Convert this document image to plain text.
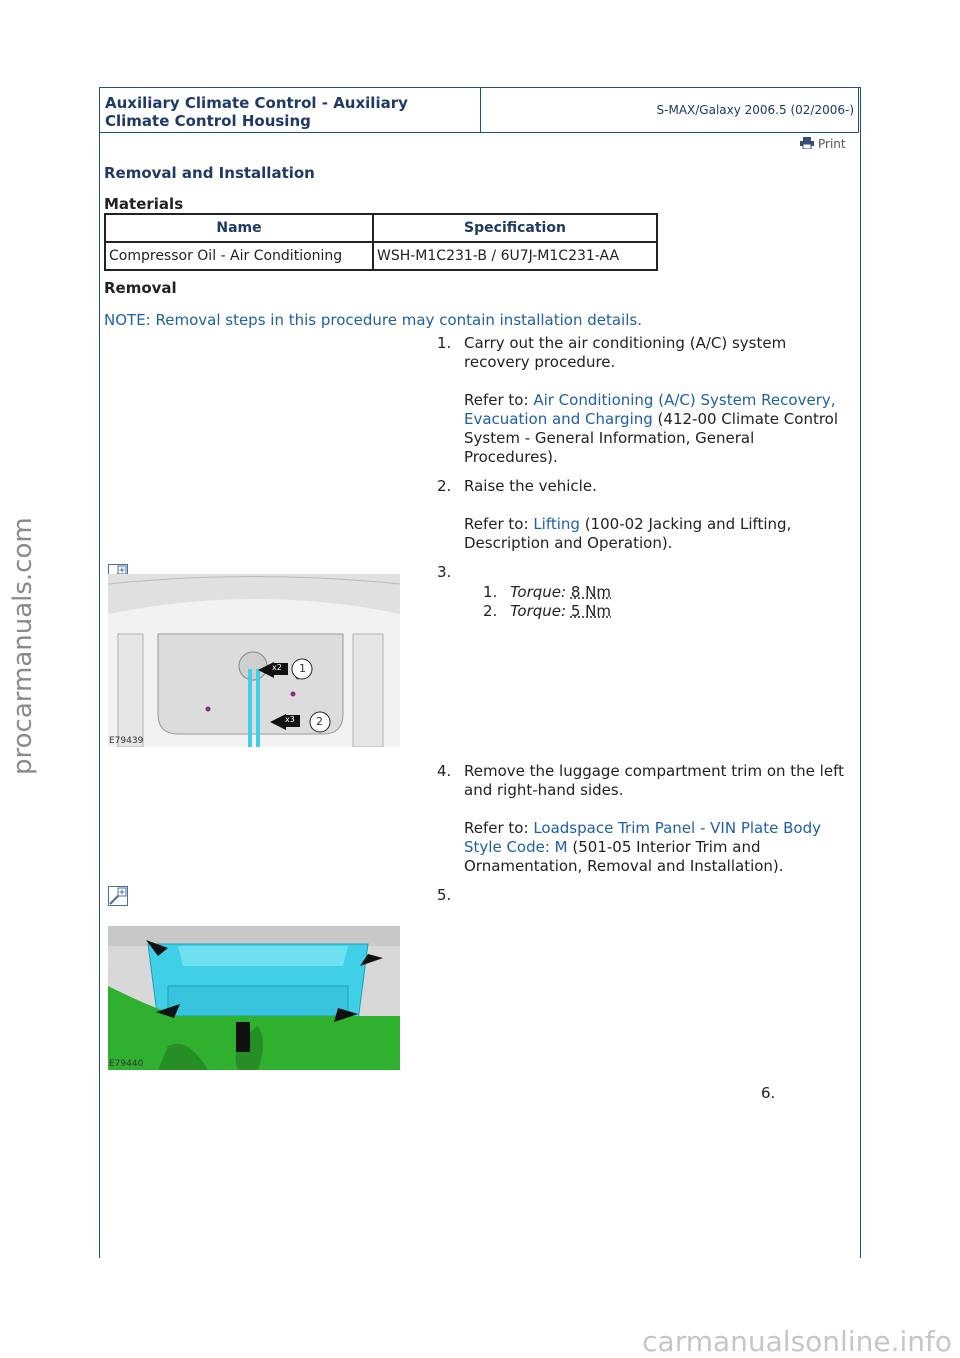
procarmanuals.com
carmanualsonline.info
Auxiliary Climate Control - Auxiliary Climate Control Housing
S-MAX/Galaxy 2006.5 (02/2006-)
Print
Removal and Installation
Materials
Name	Specification
Compressor Oil - Air Conditioning	WSH-M1C231-B / 6U7J-M1C231-AA
Removal
NOTE: Removal steps in this procedure may contain installation details.
1. Carry out the air conditioning (A/C) system recovery procedure.
Refer to: Air Conditioning (A/C) System Recovery, Evacuation and Charging (412-00 Climate Control System - General Information, General Procedures).
2. Raise the vehicle.
Refer to: Lifting (100-02 Jacking and Lifting, Description and Operation).
3.
1. Torque: 8 Nm
2. Torque: 5 Nm
x2 1
x3 2
E79439
4. Remove the luggage compartment trim on the left and right-hand sides.
Refer to: Loadspace Trim Panel - VIN Plate Body Style Code: M (501-05 Interior Trim and Ornamentation, Removal and Installation).
5.
E79440
6.
